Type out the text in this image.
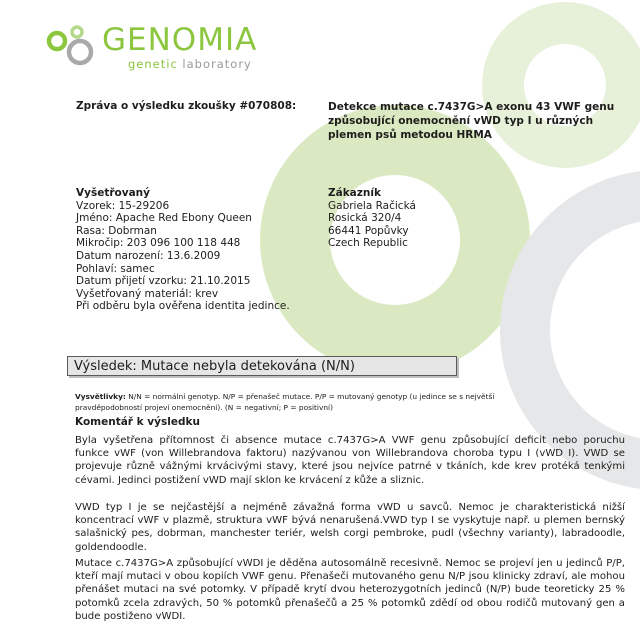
GENOMIA
genetic laboratory
Zpráva o výsledku zkoušky #070808:	Detekce mutace c.7437G>A exonu 43 VWF genu způsobující onemocnění vWD typ I u různých plemen psů metodou HRMA
Vyšetřovaný
Vzorek: 15-29206
Jméno: Apache Red Ebony Queen
Rasa: Dobrman
Mikročip: 203 096 100 118 448
Datum narození: 13.6.2009
Pohlaví: samec
Datum přijetí vzorku: 21.10.2015
Vyšetřovaný materiál: krev
Při odběru byla ověřena identita jedince.
Zákazník
Gabriela Račická
Rosická 320/4
66441 Popůvky
Czech Republic
Výsledek: Mutace nebyla detekována (N/N)
Vysvětlivky: N/N = normální genotyp. N/P = přenašeč mutace. P/P = mutovaný genotyp (u jedince se s největší pravděpodobností projeví onemocnění). (N = negativní; P = positivní)
Komentář k výsledku
Byla vyšetřena přítomnost či absence mutace c.7437G>A VWF genu způsobující deficit nebo poruchu funkce vWF (von Willebrandova faktoru) nazývanou von Willebrandova choroba typu I (vWD I). VWD se projevuje různě vážnými krvácivými stavy, které jsou nejvíce patrné v tkáních, kde krev protéká tenkými cévami. Jedinci postižení vWD mají sklon ke krvácení z kůže a sliznic.
VWD typ I je se nejčastější a nejméně závažná forma vWD u savců. Nemoc je charakteristická nižší koncentrací vWF v plazmě, struktura vWF bývá nenarušená.VWD typ I se vyskytuje např. u plemen bernský salašnický pes, dobrman, manchester teriér, welsh corgi pembroke, pudl (všechny varianty), labradoodle, goldendoodle.
Mutace c.7437G>A způsobující vWDI je děděna autosomálně recesivně. Nemoc se projeví jen u jedinců P/P, kteří mají mutaci v obou kopiích VWF genu. Přenašeči mutovaného genu N/P jsou klinicky zdraví, ale mohou přenášet mutaci na své potomky. V případě krytí dvou heterozygotních jedinců (N/P) bude teoreticky 25 % potomků zcela zdravých, 50 % potomků přenašečů a 25 % potomků zdědí od obou rodičů mutovaný gen a bude postiženo vWDI.
